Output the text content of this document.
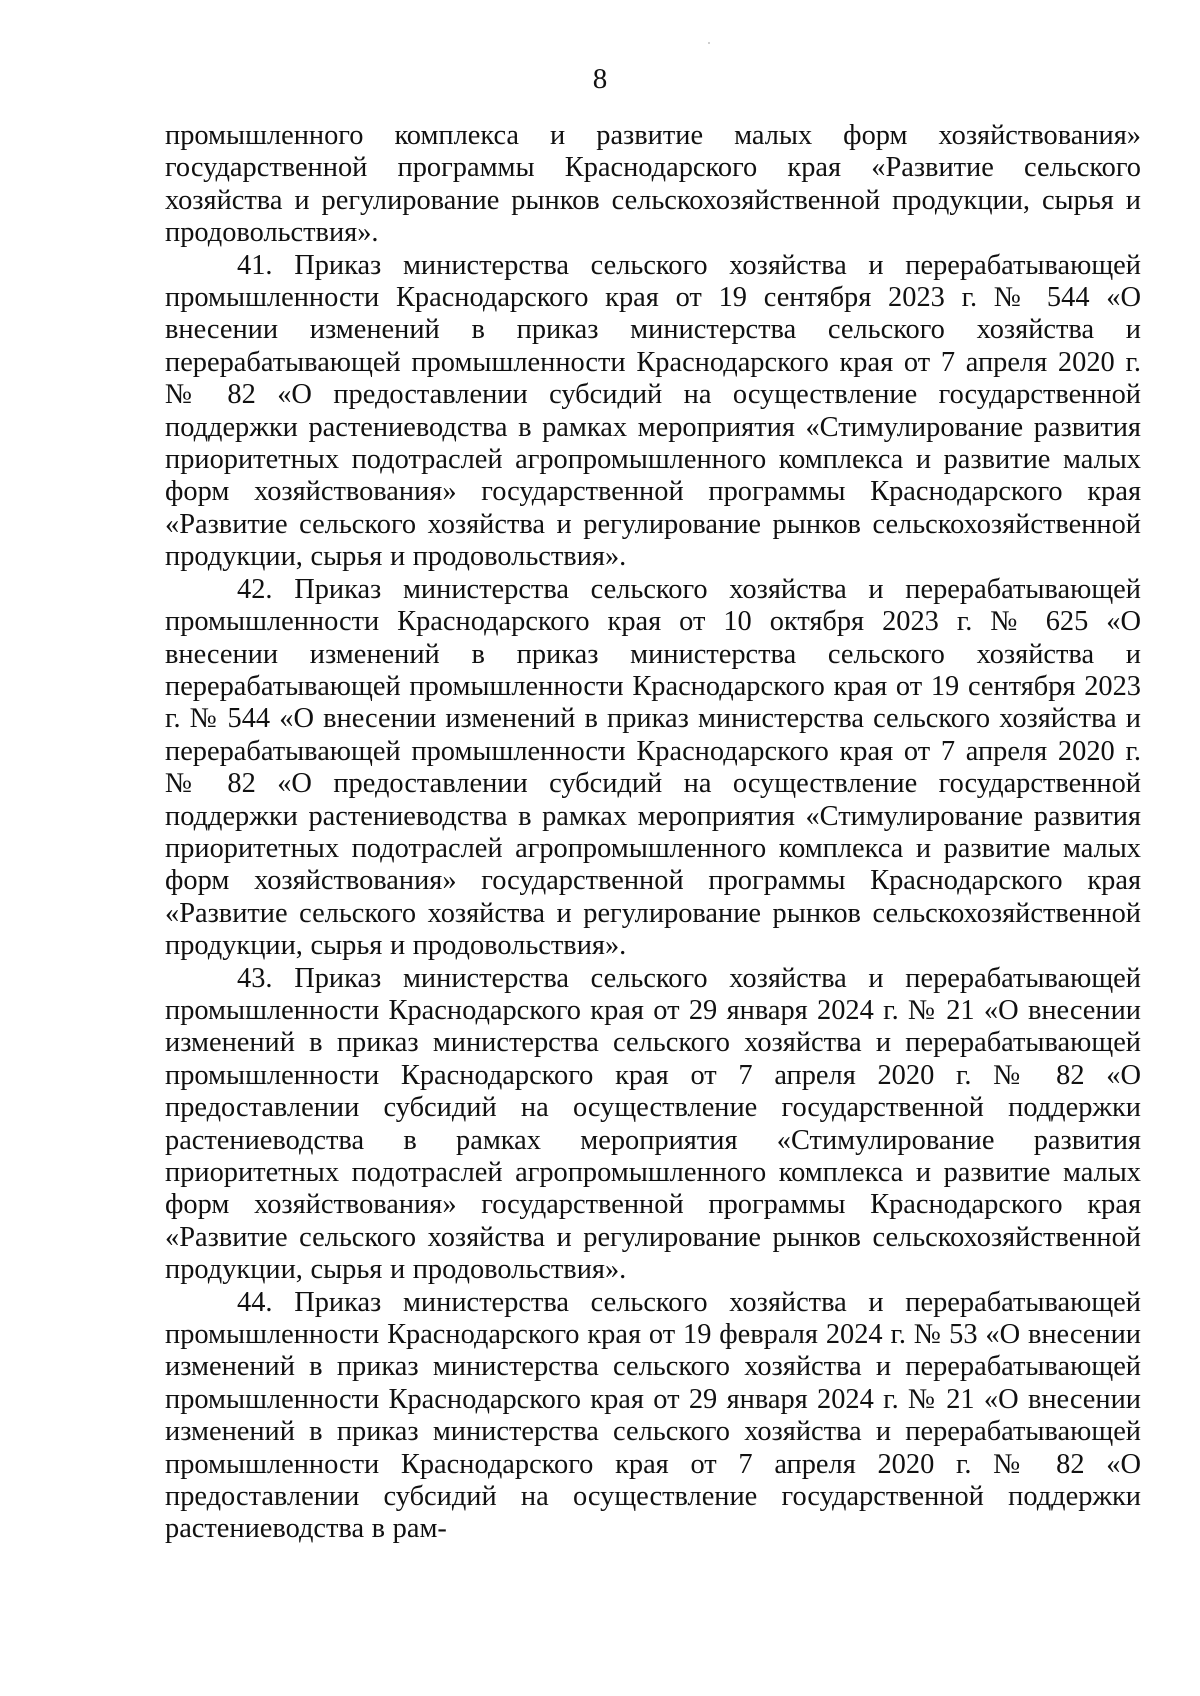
8

промышленного комплекса и развитие малых форм хозяйствования» государственной программы Краснодарского края «Развитие сельского хозяйства и регулирование рынков сельскохозяйственной продукции, сырья и продовольствия».

41. Приказ министерства сельского хозяйства и перерабатывающей промышленности Краснодарского края от 19 сентября 2023 г. № 544 «О внесении изменений в приказ министерства сельского хозяйства и перерабатывающей промышленности Краснодарского края от 7 апреля 2020 г. № 82 «О предоставлении субсидий на осуществление государственной поддержки растениеводства в рамках мероприятия «Стимулирование развития приоритетных подотраслей агропромышленного комплекса и развитие малых форм хозяйствования» государственной программы Краснодарского края «Развитие сельского хозяйства и регулирование рынков сельскохозяйственной продукции, сырья и продовольствия».

42. Приказ министерства сельского хозяйства и перерабатывающей промышленности Краснодарского края от 10 октября 2023 г. № 625 «О внесении изменений в приказ министерства сельского хозяйства и перерабатывающей промышленности Краснодарского края от 19 сентября 2023 г. № 544 «О внесении изменений в приказ министерства сельского хозяйства и перерабатывающей промышленности Краснодарского края от 7 апреля 2020 г. № 82 «О предоставлении субсидий на осуществление государственной поддержки растениеводства в рамках мероприятия «Стимулирование развития приоритетных подотраслей агропромышленного комплекса и развитие малых форм хозяйствования» государственной программы Краснодарского края «Развитие сельского хозяйства и регулирование рынков сельскохозяйственной продукции, сырья и продовольствия».

43. Приказ министерства сельского хозяйства и перерабатывающей промышленности Краснодарского края от 29 января 2024 г. № 21 «О внесении изменений в приказ министерства сельского хозяйства и перерабатывающей промышленности Краснодарского края от 7 апреля 2020 г. № 82 «О предоставлении субсидий на осуществление государственной поддержки растениеводства в рамках мероприятия «Стимулирование развития приоритетных подотраслей агропромышленного комплекса и развитие малых форм хозяйствования» государственной программы Краснодарского края «Развитие сельского хозяйства и регулирование рынков сельскохозяйственной продукции, сырья и продовольствия».

44. Приказ министерства сельского хозяйства и перерабатывающей промышленности Краснодарского края от 19 февраля 2024 г. № 53 «О внесении изменений в приказ министерства сельского хозяйства и перерабатывающей промышленности Краснодарского края от 29 января 2024 г. № 21 «О внесении изменений в приказ министерства сельского хозяйства и перерабатывающей промышленности Краснодарского края от 7 апреля 2020 г. № 82 «О предоставлении субсидий на осуществление государственной поддержки растениеводства в рам-
